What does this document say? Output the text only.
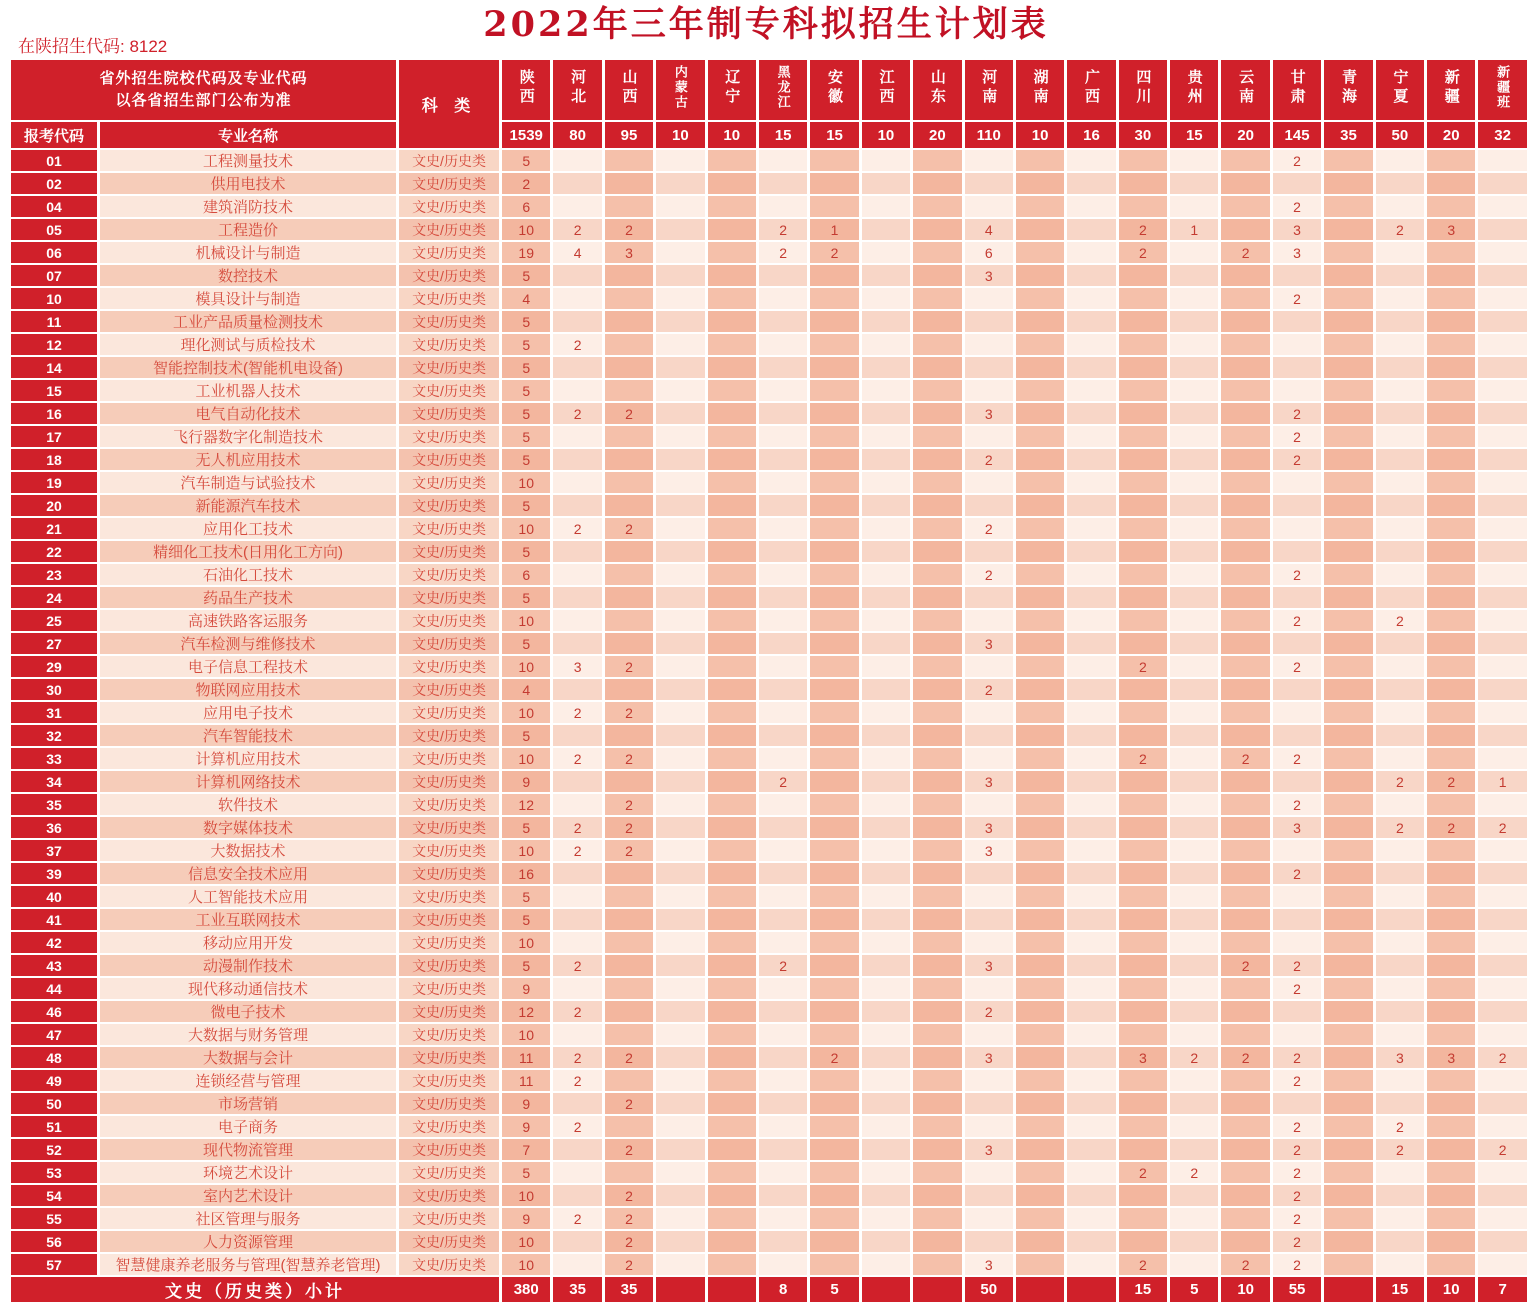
2022年三年制专科拟招生计划表
在陕招生代码: 8122
省外招生院校代码及专业代码
以各省招生部门公布为准		科 类	陕西	河北	山西	内蒙古	辽宁	黑龙江	安徽	江西	山东	河南	湖南	广西	四川	贵州	云南	甘肃	青海	宁夏	新疆	新疆班
报考代码	专业名称		1539	80	95	10	10	15	15	10	20	110	10	16	30	15	20	145	35	50	20	32
01	工程测量技术	文史/历史类	5															2				
02	供用电技术	文史/历史类	2																			
04	建筑消防技术	文史/历史类	6															2				
05	工程造价	文史/历史类	10	2	2			2	1			4			2	1		3		2	3	
06	机械设计与制造	文史/历史类	19	4	3			2	2			6			2		2	3				
07	数控技术	文史/历史类	5									3										
10	模具设计与制造	文史/历史类	4															2				
11	工业产品质量检测技术	文史/历史类	5																			
12	理化测试与质检技术	文史/历史类	5	2																		
14	智能控制技术(智能机电设备)	文史/历史类	5																			
15	工业机器人技术	文史/历史类	5																			
16	电气自动化技术	文史/历史类	5	2	2							3						2				
17	飞行器数字化制造技术	文史/历史类	5															2				
18	无人机应用技术	文史/历史类	5									2						2				
19	汽车制造与试验技术	文史/历史类	10																			
20	新能源汽车技术	文史/历史类	5																			
21	应用化工技术	文史/历史类	10	2	2							2										
22	精细化工技术(日用化工方向)	文史/历史类	5																			
23	石油化工技术	文史/历史类	6									2						2				
24	药品生产技术	文史/历史类	5																			
25	高速铁路客运服务	文史/历史类	10															2		2		
27	汽车检测与维修技术	文史/历史类	5									3										
29	电子信息工程技术	文史/历史类	10	3	2										2			2				
30	物联网应用技术	文史/历史类	4									2										
31	应用电子技术	文史/历史类	10	2	2																	
32	汽车智能技术	文史/历史类	5																			
33	计算机应用技术	文史/历史类	10	2	2										2		2	2				
34	计算机网络技术	文史/历史类	9					2				3								2	2	1
35	软件技术	文史/历史类	12		2													2				
36	数字媒体技术	文史/历史类	5	2	2							3						3		2	2	2
37	大数据技术	文史/历史类	10	2	2							3										
39	信息安全技术应用	文史/历史类	16															2				
40	人工智能技术应用	文史/历史类	5																			
41	工业互联网技术	文史/历史类	5																			
42	移动应用开发	文史/历史类	10																			
43	动漫制作技术	文史/历史类	5	2				2				3					2	2				
44	现代移动通信技术	文史/历史类	9															2				
46	微电子技术	文史/历史类	12	2								2										
47	大数据与财务管理	文史/历史类	10																			
48	大数据与会计	文史/历史类	11	2	2				2			3			3	2	2	2		3	3	2
49	连锁经营与管理	文史/历史类	11	2														2				
50	市场营销	文史/历史类	9		2																	
51	电子商务	文史/历史类	9	2														2		2		
52	现代物流管理	文史/历史类	7		2							3						2		2		2
53	环境艺术设计	文史/历史类	5												2	2		2				
54	室内艺术设计	文史/历史类	10		2													2				
55	社区管理与服务	文史/历史类	9	2	2													2				
56	人力资源管理	文史/历史类	10		2													2				
57	智慧健康养老服务与管理(智慧养老管理)	文史/历史类	10		2							3			2		2	2				
文史（历史类）小计			380	35	35			8	5			50			15	5	10	55		15	10	7
